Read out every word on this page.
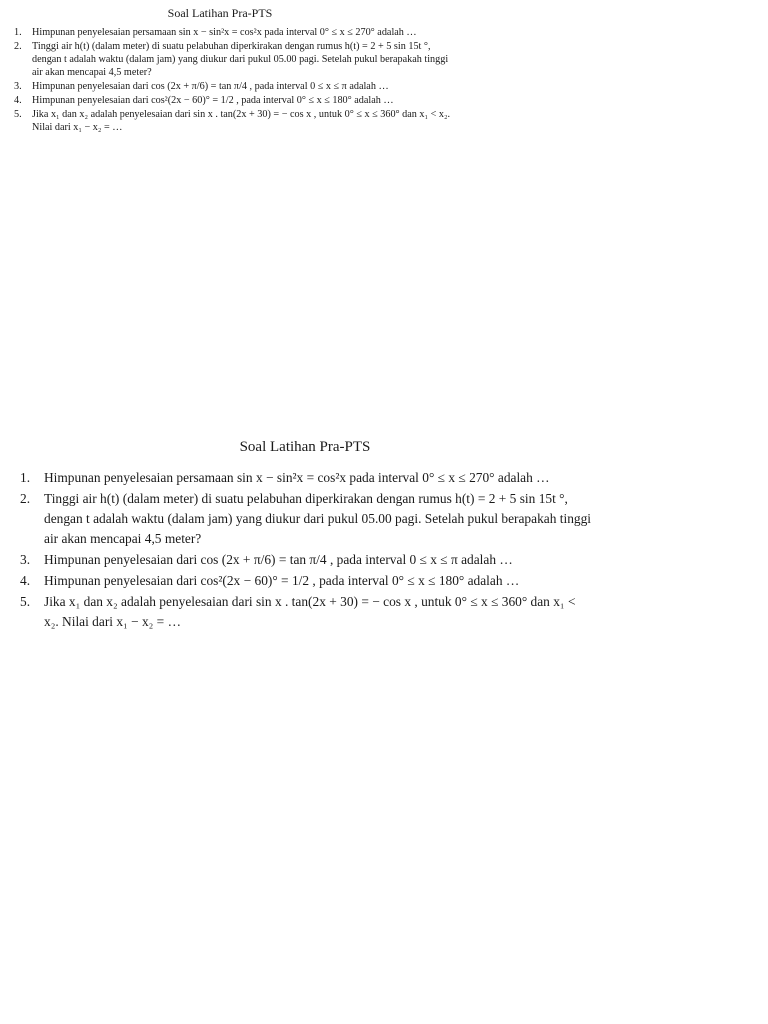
Soal Latihan Pra-PTS
1. Himpunan penyelesaian persamaan sin x − sin²x = cos²x pada interval 0° ≤ x ≤ 270° adalah …
2. Tinggi air h(t) (dalam meter) di suatu pelabuhan diperkirakan dengan rumus h(t) = 2 + 5 sin 15t °, dengan t adalah waktu (dalam jam) yang diukur dari pukul 05.00 pagi. Setelah pukul berapakah tinggi air akan mencapai 4,5 meter?
3. Himpunan penyelesaian dari cos (2x + π/6) = tan π/4 , pada interval 0 ≤ x ≤ π adalah …
4. Himpunan penyelesaian dari cos²(2x − 60)° = 1/2 , pada interval 0° ≤ x ≤ 180° adalah …
5. Jika x₁ dan x₂ adalah penyelesaian dari sin x . tan(2x + 30) = − cos x , untuk 0° ≤ x ≤ 360° dan x₁ < x₂. Nilai dari x₁ − x₂ = …
Soal Latihan Pra-PTS
1. Himpunan penyelesaian persamaan sin x − sin²x = cos²x pada interval 0° ≤ x ≤ 270° adalah …
2. Tinggi air h(t) (dalam meter) di suatu pelabuhan diperkirakan dengan rumus h(t) = 2 + 5 sin 15t °, dengan t adalah waktu (dalam jam) yang diukur dari pukul 05.00 pagi. Setelah pukul berapakah tinggi air akan mencapai 4,5 meter?
3. Himpunan penyelesaian dari cos (2x + π/6) = tan π/4 , pada interval 0 ≤ x ≤ π adalah …
4. Himpunan penyelesaian dari cos²(2x − 60)° = 1/2 , pada interval 0° ≤ x ≤ 180° adalah …
5. Jika x₁ dan x₂ adalah penyelesaian dari sin x . tan(2x + 30) = − cos x , untuk 0° ≤ x ≤ 360° dan x₁ < x₂. Nilai dari x₁ − x₂ = …
